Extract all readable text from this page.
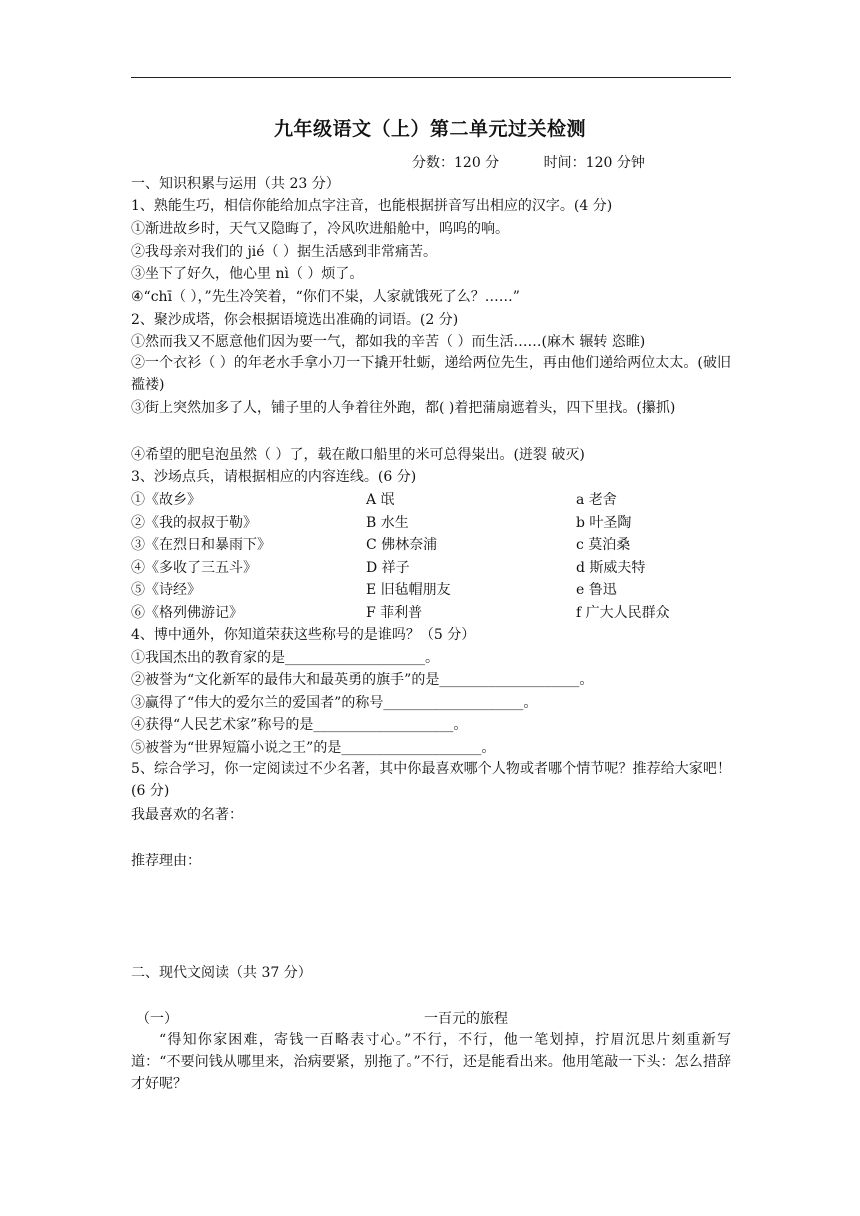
九年级语文（上）第二单元过关检测
分数：120 分          时间：120 分钟
一、知识积累与运用（共 23 分）
1、熟能生巧，相信你能给加点字注音，也能根据拼音写出相应的汉字。(4 分)
①渐进故乡时，天气又隐晦了，冷风吹进船舱中，呜呜的响。
②我母亲对我们的 jié（ ）据生活感到非常痛苦。
③坐下了好久，他心里 nì（ ）烦了。
④“chī（ ），”先生冷笑着，“你们不粜，人家就饿死了么？……”
2、聚沙成塔，你会根据语境选出准确的词语。(2 分)
①然而我又不愿意他们因为要一气，都如我的辛苦（ ）而生活……(麻木 辗转 恣睢)
②一个衣衫（ ）的年老水手拿小刀一下撬开牡蛎，递给两位先生，再由他们递给两位太太。(破旧 褴褛)
③街上突然加多了人，铺子里的人争着往外跑，都( )着把蒲扇遮着头，四下里找。(攥抓)
④希望的肥皂泡虽然（ ）了，载在敞口船里的米可总得粜出。(迸裂 破灭)
3、沙场点兵，请根据相应的内容连线。(6 分)
①《故乡》	A 氓	a 老舍
②《我的叔叔于勒》	B 水生	b 叶圣陶
③《在烈日和暴雨下》	C 佛林奈浦	c 莫泊桑
④《多收了三五斗》	D 祥子	d 斯威夫特
⑤《诗经》	E 旧毡帽朋友	e 鲁迅
⑥《格列佛游记》	F 菲利普	f 广大人民群众
4、博中通外，你知道荣获这些称号的是谁吗？（5 分）
①我国杰出的教育家的是____________________。
②被誉为“文化新军的最伟大和最英勇的旗手”的是____________________。
③赢得了“伟大的爱尔兰的爱国者”的称号____________________。
④获得“人民艺术家”称号的是____________________。
⑤被誉为“世界短篇小说之王”的是____________________。
5、综合学习，你一定阅读过不少名著，其中你最喜欢哪个人物或者哪个情节呢？推荐给大家吧！(6 分)
我最喜欢的名著：
推荐理由：
二、现代文阅读（共 37 分）
（一）	一百元的旅程
“得知你家困难，寄钱一百略表寸心。”不行，不行，他一笔划掉，拧眉沉思片刻重新写道：“不要问钱从哪里来，治病要紧，别拖了。”不行，还是能看出来。他用笔敲一下头：怎么措辞才好呢？
